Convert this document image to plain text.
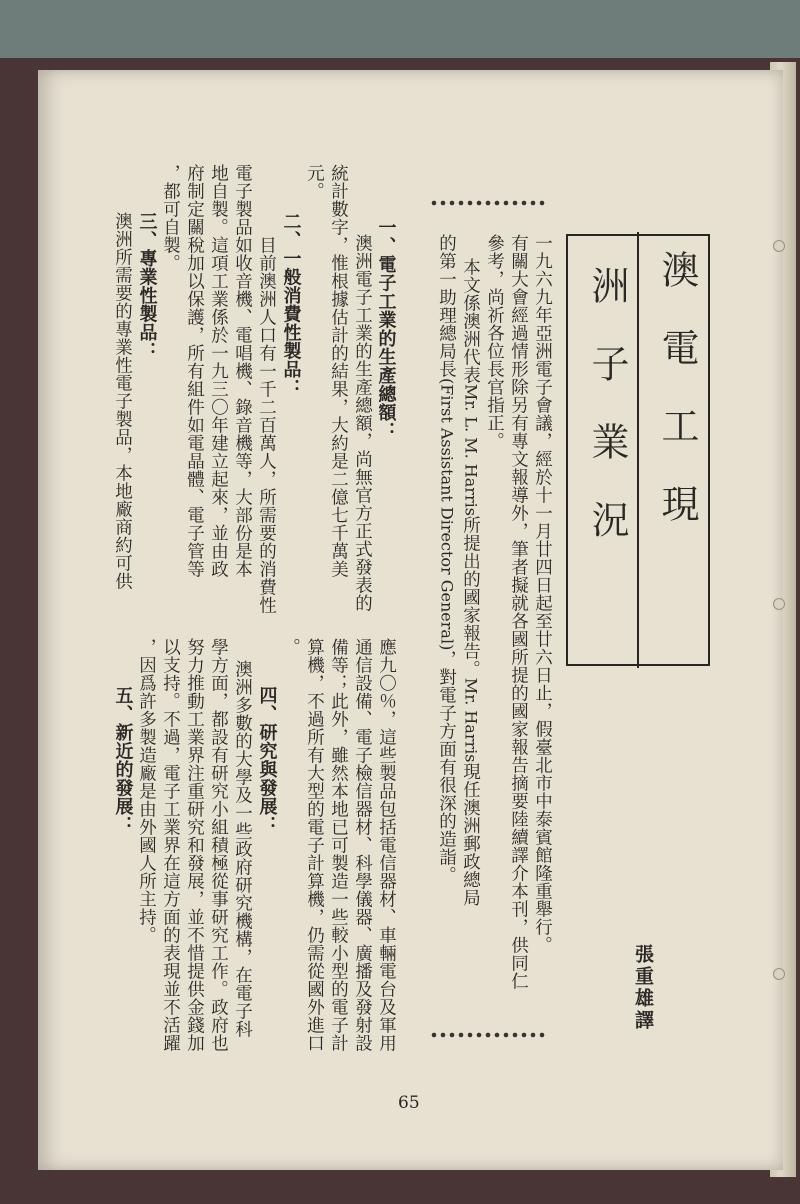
澳電工現
洲子業況
一九六九年亞洲電子會議，經於十一月廿四日起至廿六日止，假臺北市中泰賓館隆重舉行。
有關大會經過情形除另有專文報導外，筆者擬就各國所提的國家報告摘要陸續譯介本刊，供同仁
參考，尚祈各位長官指正。
本文係澳洲代表Mr. L. M. Harris所提出的國家報告。Mr. Harris現任澳洲郵政總局
的第一助理總局長(First Assistant Director General)，對電子方面有很深的造詣。
一、電子工業的生產總額：
澳洲電子工業的生產總額，尚無官方正式發表的
統計數字，惟根據估計的結果，大約是二億七千萬美
元。
二、一般消費性製品：
目前澳洲人口有一千二百萬人，所需要的消費性
電子製品如收音機、電唱機、錄音機等，大部份是本
地自製。這項工業係於一九三〇年建立起來，並由政
府制定關稅加以保護，所有組件如電晶體、電子管等
，都可自製。
三、專業性製品：
澳洲所需要的專業性電子製品，本地廠商約可供
應九〇％，這些製品包括電信器材、車輛電台及軍用
通信設備、電子檢信器材、科學儀器、廣播及發射設
備等；此外，雖然本地已可製造一些較小型的電子計
算機，不過所有大型的電子計算機，仍需從國外進口
。
四、研究與發展：
澳洲多數的大學及一些政府研究機構，在電子科
學方面，都設有研究小組積極從事研究工作。政府也
努力推動工業界注重研究和發展，並不惜提供金錢加
以支持。不過，電子工業界在這方面的表現並不活躍
，因爲許多製造廠是由外國人所主持。
五、新近的發展：
張重雄譯
65
